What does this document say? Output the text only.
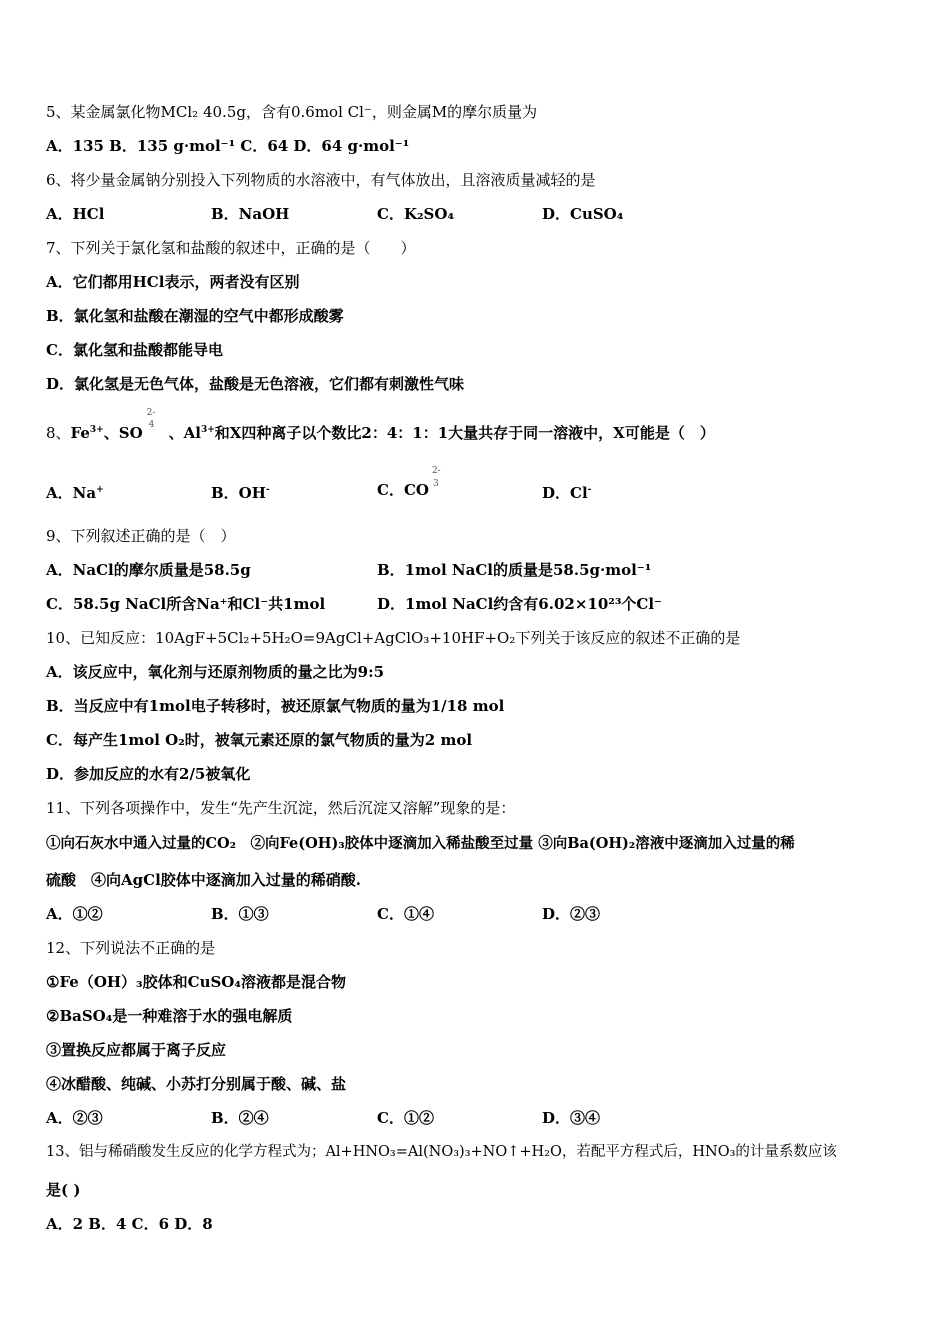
5、某金属氯化物MCl₂ 40.5g，含有0.6mol Cl⁻，则金属M的摩尔质量为
A．135 B．135 g·mol⁻¹ C．64 D．64 g·mol⁻¹
6、将少量金属钠分别投入下列物质的水溶液中，有气体放出，且溶液质量减轻的是
A．HCl	B．NaOH	C．K₂SO₄	D．CuSO₄
7、下列关于氯化氢和盐酸的叙述中，正确的是（　　）
A．它们都用HCl表示，两者没有区别
B．氯化氢和盐酸在潮湿的空气中都形成酸雾
C．氯化氢和盐酸都能导电
D．氯化氢是无色气体，盐酸是无色溶液，它们都有刺激性气味
8、$Fe^{3+}$、SO
2-
4 、$Al^{3+}$和X四种离子以个数比2：4：1：1大量共存于同一溶液中，X可能是（　）
A．Na+	B．OH-	C．CO
2-
3	D．Cl-
9、下列叙述正确的是（　）
A．NaCl的摩尔质量是58.5g	B．1mol NaCl的质量是58.5g·mol⁻¹
C．58.5g NaCl所含Na⁺和Cl⁻共1mol	D．1mol NaCl约含有6.02×10²³个Cl⁻
10、已知反应：10AgF+5Cl₂+5H₂O=9AgCl+AgClO₃+10HF+O₂下列关于该反应的叙述不正确的是
A．该反应中，氧化剂与还原剂物质的量之比为9:5
B．当反应中有1mol电子转移时，被还原氯气物质的量为1/18 mol
C．每产生1mol O₂时，被氧元素还原的氯气物质的量为2 mol
D．参加反应的水有2/5被氧化
11、下列各项操作中，发生“先产生沉淀，然后沉淀又溶解”现象的是：
①向石灰水中通入过量的CO₂　②向Fe(OH)₃胶体中逐滴加入稀盐酸至过量 ③向Ba(OH)₂溶液中逐滴加入过量的稀
硫酸　④向AgCl胶体中逐滴加入过量的稀硝酸.
A．①②	B．①③	C．①④	D．②③
12、下列说法不正确的是
①Fe（OH）₃胶体和CuSO₄溶液都是混合物
②BaSO₄是一种难溶于水的强电解质
③置换反应都属于离子反应
④冰醋酸、纯碱、小苏打分别属于酸、碱、盐
A．②③	B．②④	C．①②	D．③④
13、铝与稀硝酸发生反应的化学方程式为；Al+HNO₃=Al(NO₃)₃+NO↑+H₂O，若配平方程式后，HNO₃的计量系数应该
是( )
A．2 B．4 C．6 D．8
